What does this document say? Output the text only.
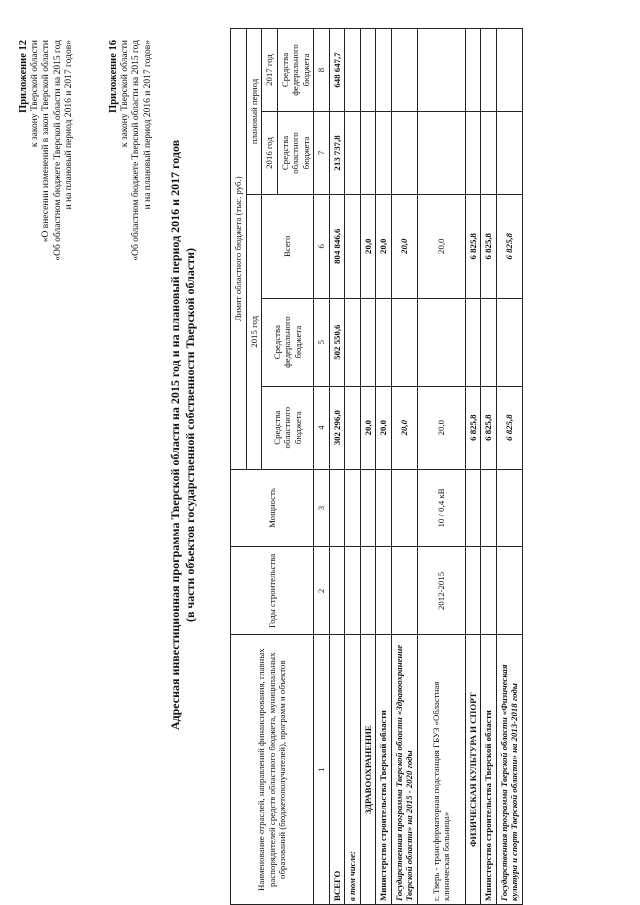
Приложение 12 к закону Тверской области «О внесении изменений в закон Тверской области «Об областном бюджете Тверской области на 2015 год и на плановый период 2016 и 2017 годов»	Приложение 16 к закону Тверской области «Об областном бюджете Тверской области на 2015 год и на плановый период 2016 и 2017 годов»
Адресная инвестиционная программа Тверской области на 2015 год и на плановый период 2016 и 2017 годов (в части объектов государственной собственности Тверской области)
Наименование отраслей, направлений финансирования, главных распорядителей средств областного бюджета, муниципальных образований (бюджетополучателей), программ и объектов	Годы строительства	Мощность	Лимит областного бюджета (тыс. руб.)				
			2015 год			плановый период	
			Средства областного бюджета	Средства федерального бюджета	Всего	2016 год	2017 год
						Средства областного бюджета	Средства федерального бюджета
1	2	3	4	5	6	7	8
ВСЕГО			302 296,0	502 550,6	804 846,6	213 737,8	648 647,7
в том числе:							
ЗДРАВООХРАНЕНИЕ			20,0		20,0		
Министерство строительства Тверской области			20,0		20,0		
Государственная программа Тверской области «Здравоохранение Тверской области» на 2015 - 2020 годы			20,0		20,0		
г. Тверь - трансформаторная подстанция ГБУЗ «Областная клиническая больница»	2012-2015	10 / 0,4 кВ	20,0		20,0		
ФИЗИЧЕСКАЯ КУЛЬТУРА И СПОРТ			6 825,8		6 825,8		
Министерство строительства Тверской области			6 825,8		6 825,8		
Государственная программа Тверской области «Физическая культура и спорт Тверской области» на 2013-2018 годы			6 825,8		6 825,8		
